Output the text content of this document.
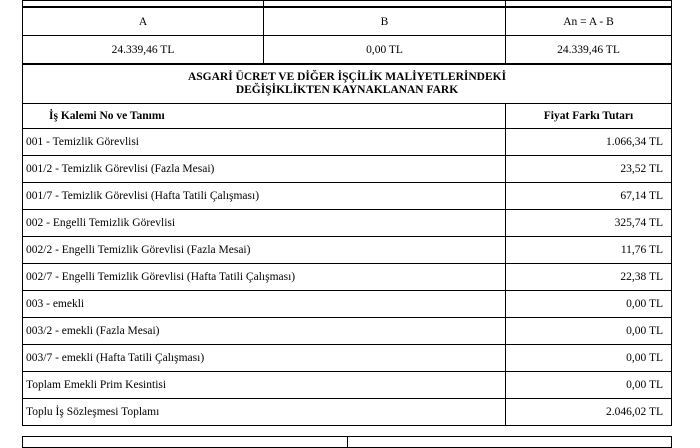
A	B	An = A - B
24.339,46 TL	0,00 TL	24.339,46 TL
ASGARİ ÜCRET VE DİĞER İŞÇİLİK MALİYETLERİNDEKİ
DEĞİŞİKLİKTEN KAYNAKLANAN FARK	

İş Kalemi No ve Tanımı	Fiyat Farkı Tutarı
001 - Temizlik Görevlisi	1.066,34 TL
001/2 - Temizlik Görevlisi (Fazla Mesai)	23,52 TL
001/7 - Temizlik Görevlisi (Hafta Tatili Çalışması)	67,14 TL
002 - Engelli Temizlik Görevlisi	325,74 TL
002/2 - Engelli Temizlik Görevlisi (Fazla Mesai)	11,76 TL
002/7 - Engelli Temizlik Görevlisi (Hafta Tatili Çalışması)	22,38 TL
003 - emekli	0,00 TL
003/2 - emekli (Fazla Mesai)	0,00 TL
003/7 - emekli (Hafta Tatili Çalışması)	0,00 TL
Toplam Emekli Prim Kesintisi	0,00 TL
Toplu İş Sözleşmesi Toplamı	2.046,02 TL
